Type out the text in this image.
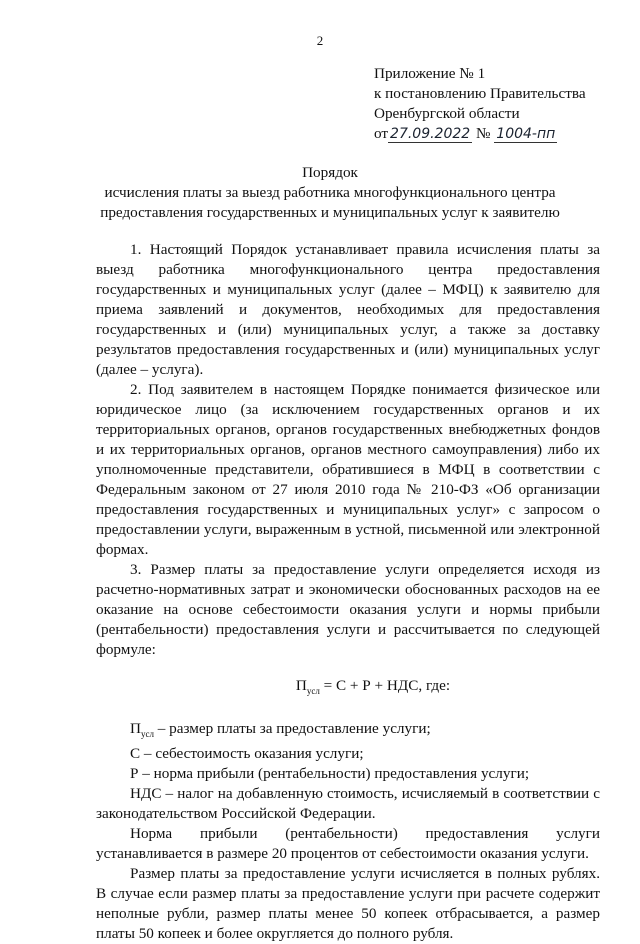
2
Приложение № 1
к постановлению Правительства
Оренбургской области
от 27.09.2022 № 1004-пп
Порядок
исчисления платы за выезд работника многофункционального центра
предоставления государственных и муниципальных услуг к заявителю

1. Настоящий Порядок устанавливает правила исчисления платы за выезд работника многофункционального центра предоставления государственных и муниципальных услуг (далее – МФЦ) к заявителю для приема заявлений и документов, необходимых для предоставления государственных и (или) муниципальных услуг, а также за доставку результатов предоставления государственных и (или) муниципальных услуг (далее – услуга).

2. Под заявителем в настоящем Порядке понимается физическое или юридическое лицо (за исключением государственных органов и их территориальных органов, органов государственных внебюджетных фондов и их территориальных органов, органов местного самоуправления) либо их уполномоченные представители, обратившиеся в МФЦ в соответствии с Федеральным законом от 27 июля 2010 года № 210-ФЗ «Об организации предоставления государственных и муниципальных услуг» с запросом о предоставлении услуги, выраженным в устной, письменной или электронной формах.

3. Размер платы за предоставление услуги определяется исходя из расчетно-нормативных затрат и экономически обоснованных расходов на ее оказание на основе себестоимости оказания услуги и нормы прибыли (рентабельности) предоставления услуги и рассчитывается по следующей формуле:

$П_{усл} = С + Р$ + НДС, где:

$П_{усл}$ – размер платы за предоставление услуги;

С – себестоимость оказания услуги;

Р – норма прибыли (рентабельности) предоставления услуги;

НДС – налог на добавленную стоимость, исчисляемый в соответствии с законодательством Российской Федерации.

Норма прибыли (рентабельности) предоставления услуги устанавливается в размере 20 процентов от себестоимости оказания услуги.

Размер платы за предоставление услуги исчисляется в полных рублях. В случае если размер платы за предоставление услуги при расчете содержит неполные рубли, размер платы менее 50 копеек отбрасывается, а размер платы 50 копеек и более округляется до полного рубля.
